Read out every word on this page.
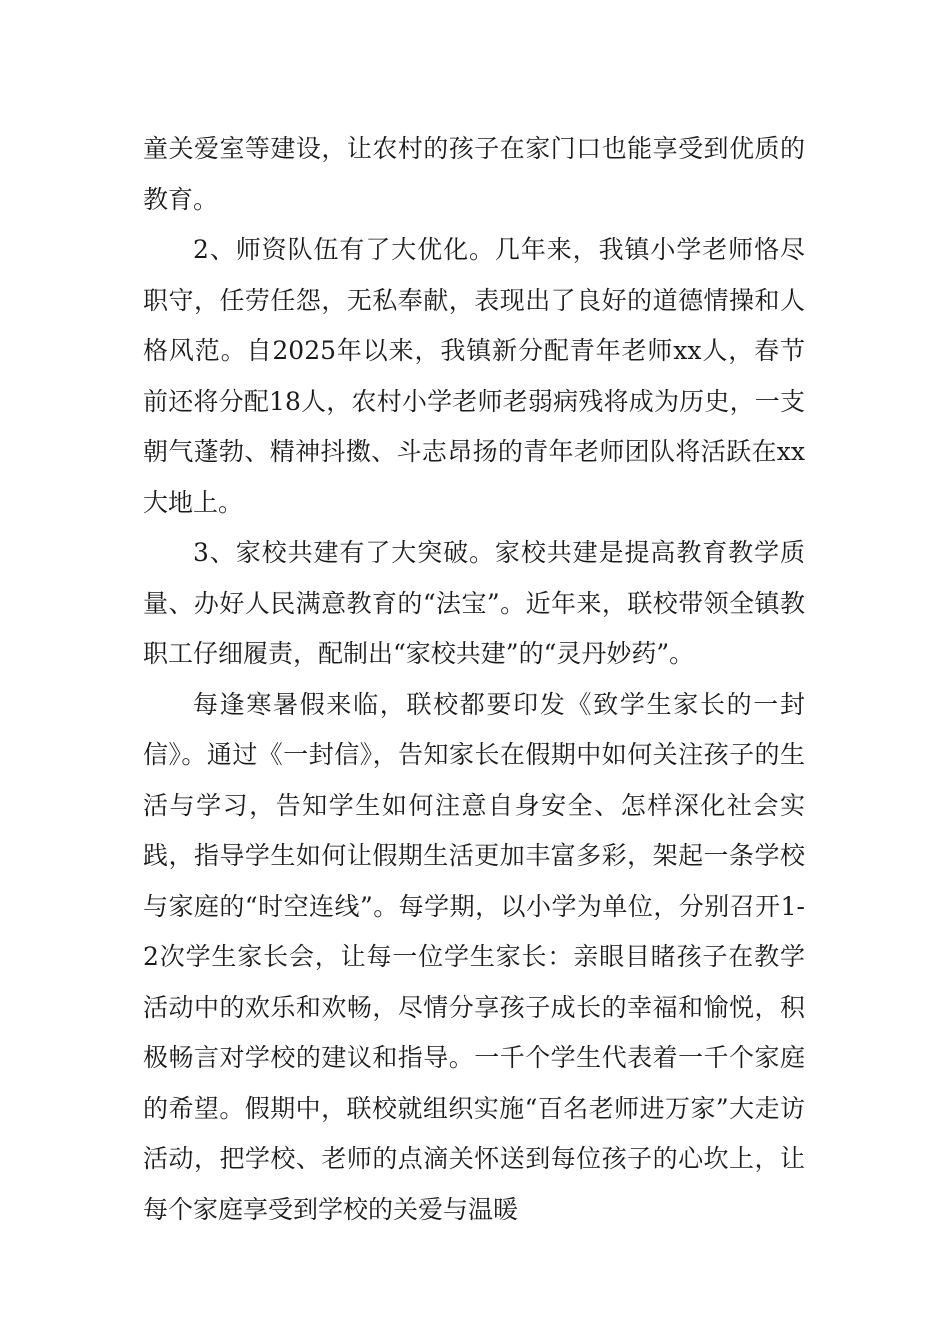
童关爱室等建设，让农村的孩子在家门口也能享受到优质的教育。

2、师资队伍有了大优化。几年来，我镇小学老师恪尽职守，任劳任怨，无私奉献，表现出了良好的道德情操和人格风范。自2025年以来，我镇新分配青年老师xx人，春节前还将分配18人，农村小学老师老弱病残将成为历史，一支朝气蓬勃、精神抖擞、斗志昂扬的青年老师团队将活跃在xx大地上。

3、家校共建有了大突破。家校共建是提高教育教学质量、办好人民满意教育的“法宝”。近年来，联校带领全镇教职工仔细履责，配制出“家校共建”的“灵丹妙药”。

每逢寒暑假来临，联校都要印发《致学生家长的一封信》。通过《一封信》，告知家长在假期中如何关注孩子的生活与学习，告知学生如何注意自身安全、怎样深化社会实践，指导学生如何让假期生活更加丰富多彩，架起一条学校与家庭的“时空连线”。每学期，以小学为单位，分别召开1-2次学生家长会，让每一位学生家长：亲眼目睹孩子在教学活动中的欢乐和欢畅，尽情分享孩子成长的幸福和愉悦，积极畅言对学校的建议和指导。一千个学生代表着一千个家庭的希望。假期中，联校就组织实施“百名老师进万家”大走访活动，把学校、老师的点滴关怀送到每位孩子的心坎上，让每个家庭享受到学校的关爱与温暖
